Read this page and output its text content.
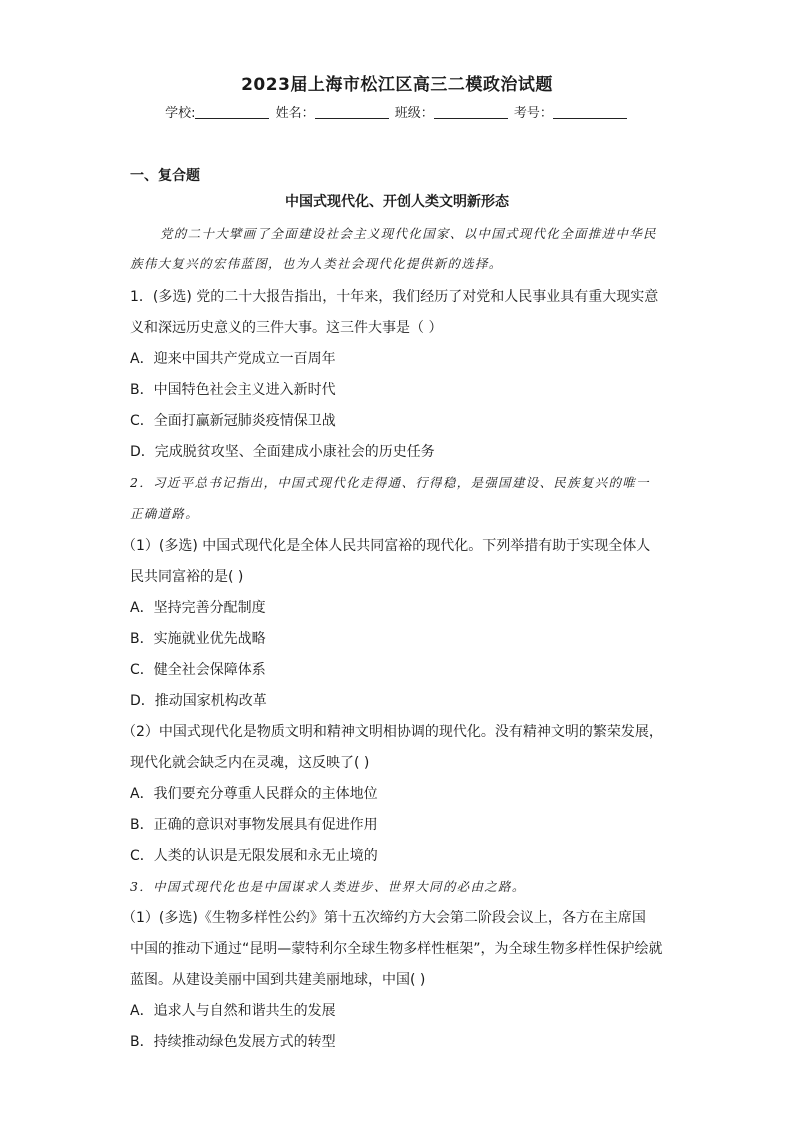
2023届上海市松江区高三二模政治试题
学校:	姓名：	班级：	考号：
一、复合题
中国式现代化、开创人类文明新形态
党的二十大擘画了全面建设社会主义现代化国家、以中国式现代化全面推进中华民
族伟大复兴的宏伟蓝图，也为人类社会现代化提供新的选择。
1．(多选) 党的二十大报告指出，十年来，我们经历了对党和人民事业具有重大现实意
义和深远历史意义的三件大事。这三件大事是（ ）
A．迎来中国共产党成立一百周年
B．中国特色社会主义进入新时代
C．全面打赢新冠肺炎疫情保卫战
D．完成脱贫攻坚、全面建成小康社会的历史任务
2．习近平总书记指出，中国式现代化走得通、行得稳，是强国建设、民族复兴的唯一
正确道路。
（1）(多选) 中国式现代化是全体人民共同富裕的现代化。下列举措有助于实现全体人
民共同富裕的是( )
A．坚持完善分配制度
B．实施就业优先战略
C．健全社会保障体系
D．推动国家机构改革
（2）中国式现代化是物质文明和精神文明相协调的现代化。没有精神文明的繁荣发展，
现代化就会缺乏内在灵魂，这反映了( )
A．我们要充分尊重人民群众的主体地位
B．正确的意识对事物发展具有促进作用
C．人类的认识是无限发展和永无止境的
3．中国式现代化也是中国谋求人类进步、世界大同的必由之路。
（1）(多选)《生物多样性公约》第十五次缔约方大会第二阶段会议上，各方在主席国
中国的推动下通过“昆明—蒙特利尔全球生物多样性框架”，为全球生物多样性保护绘就
蓝图。从建设美丽中国到共建美丽地球，中国( )
A．追求人与自然和谐共生的发展
B．持续推动绿色发展方式的转型
